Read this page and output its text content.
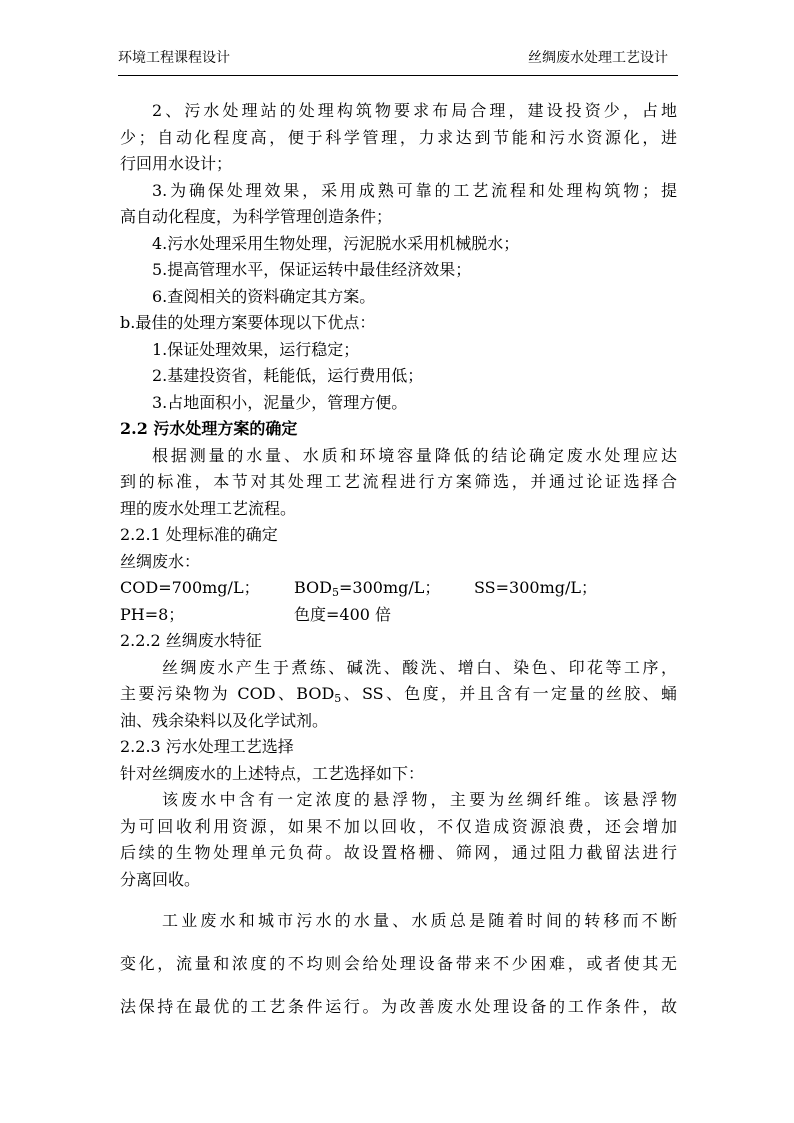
环境工程课程设计	丝绸废水处理工艺设计
2、污水处理站的处理构筑物要求布局合理，建设投资少，占地
少；自动化程度高，便于科学管理，力求达到节能和污水资源化，进
行回用水设计；
3.为确保处理效果，采用成熟可靠的工艺流程和处理构筑物；提
高自动化程度，为科学管理创造条件；
4.污水处理采用生物处理，污泥脱水采用机械脱水；
5.提高管理水平，保证运转中最佳经济效果；
6.查阅相关的资料确定其方案。
b.最佳的处理方案要体现以下优点：
1.保证处理效果，运行稳定；
2.基建投资省，耗能低，运行费用低；
3.占地面积小，泥量少，管理方便。
2.2 污水处理方案的确定
根据测量的水量、水质和环境容量降低的结论确定废水处理应达
到的标准，本节对其处理工艺流程进行方案筛选，并通过论证选择合
理的废水处理工艺流程。
2.2.1 处理标准的确定
丝绸废水：
COD=700mg/L；	$BOD_5=300mg/L$；	SS=300mg/L；
PH=8；	色度=400 倍
2.2.2 丝绸废水特征
丝绸废水产生于煮练、碱洗、酸洗、增白、染色、印花等工序，
主要污染物为 COD、$BOD_5$、SS、色度，并且含有一定量的丝胶、蛹
油、残余染料以及化学试剂。
2.2.3 污水处理工艺选择
针对丝绸废水的上述特点，工艺选择如下：
该废水中含有一定浓度的悬浮物，主要为丝绸纤维。该悬浮物
为可回收利用资源，如果不加以回收，不仅造成资源浪费，还会增加
后续的生物处理单元负荷。故设置格栅、筛网，通过阻力截留法进行
分离回收。
工业废水和城市污水的水量、水质总是随着时间的转移而不断
变化，流量和浓度的不均则会给处理设备带来不少困难，或者使其无
法保持在最优的工艺条件运行。为改善废水处理设备的工作条件，故
